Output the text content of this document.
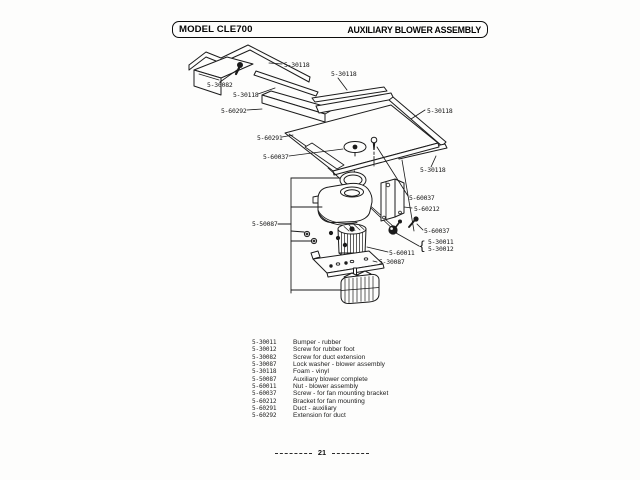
MODEL CLE700	AUXILIARY BLOWER ASSEMBLY
5-30118
5-30082
5-30118
5-60292
5-30118
5-30118
5-60291
5-60037
5-30118
5-60037
5-60212
5-60037
5-30011
5-30012
{
5-60011
5-30087
5-50087
5-30011	Bumper - rubber
5-30012	Screw for rubber foot
5-30082	Screw for duct extension
5-30087	Lock washer - blower assembly
5-30118	Foam - vinyl
5-50087	Auxiliary blower complete
5-60011	Nut - blower assembly
5-60037	Screw - for fan mounting bracket
5-60212	Bracket for fan mounting
5-60291	Duct - auxiliary
5-60292	Extension for duct
21
